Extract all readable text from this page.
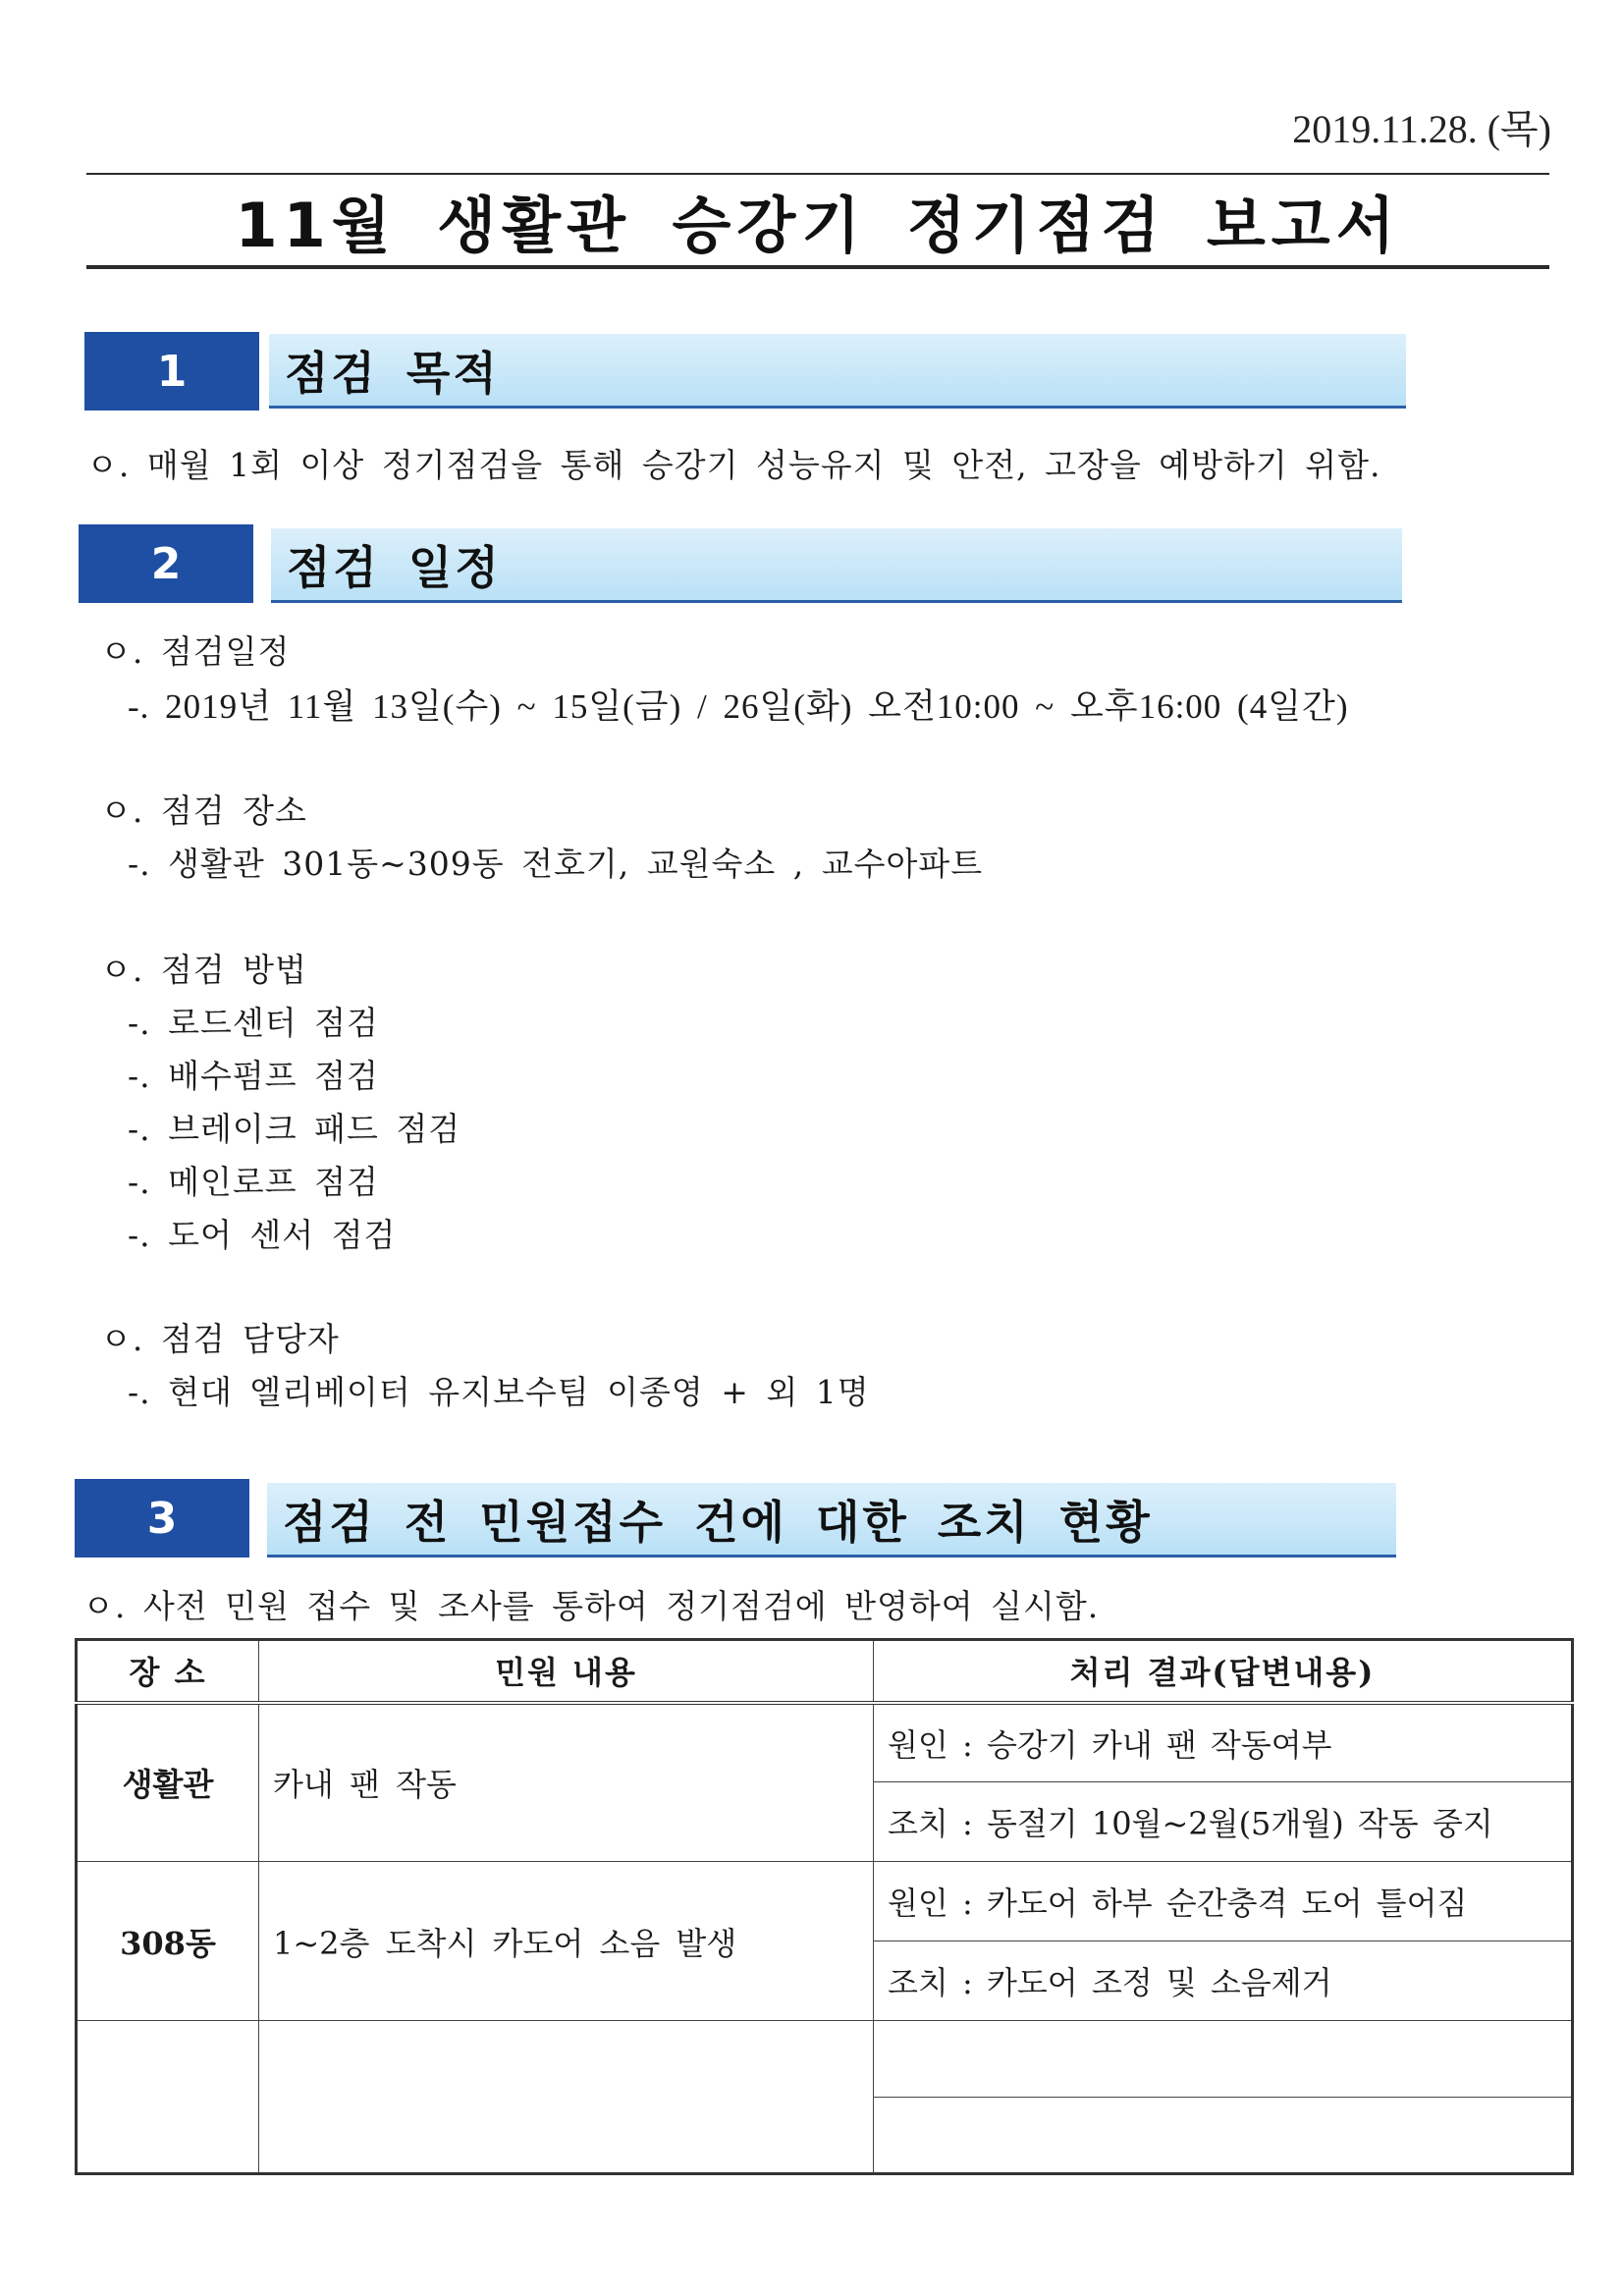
2019.11.28. (목)
11월 생활관 승강기 정기점검 보고서
1	점검 목적
ㅇ. 매월 1회 이상 정기점검을 통해 승강기 성능유지 및 안전, 고장을 예방하기 위함.
2	점검 일정
ㅇ. 점검일정
-. 2019년 11월 13일(수) ~ 15일(금) / 26일(화) 오전10:00 ~ 오후16:00 (4일간)
ㅇ. 점검 장소
-. 생활관 301동~309동 전호기, 교원숙소 , 교수아파트
ㅇ. 점검 방법
-. 로드센터 점검
-. 배수펌프 점검
-. 브레이크 패드 점검
-. 메인로프 점검
-. 도어 센서 점검
ㅇ. 점검 담당자
-. 현대 엘리베이터 유지보수팀 이종영 + 외 1명
3	점검 전 민원접수 건에 대한 조치 현황
ㅇ. 사전 민원 접수 및 조사를 통하여 정기점검에 반영하여 실시함.
장 소	민원 내용	처리 결과(답변내용)
생활관	카내 팬 작동	원인 : 승강기 카내 팬 작동여부
		조치 : 동절기 10월~2월(5개월) 작동 중지
308동	1~2층 도착시 카도어 소음 발생	원인 : 카도어 하부 순간충격 도어 틀어짐
		조치 : 카도어 조정 및 소음제거
